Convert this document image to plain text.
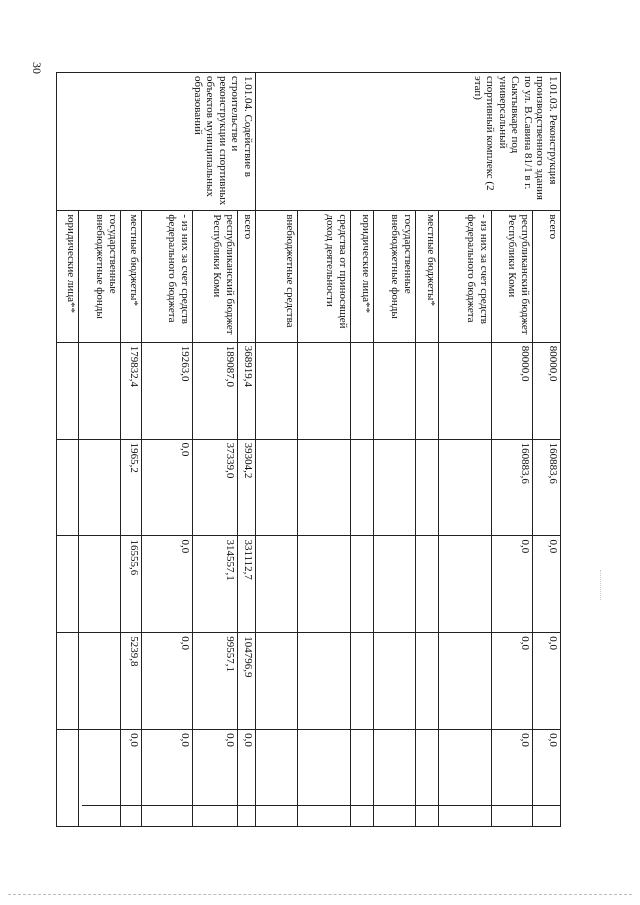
30
1.01.03. Реконструкция производственного здания по ул. В.Савина 81/1 в г. Сыктывкаре под универсальный спортивный комплекс (2 этап)	всего	80000,0	160883,6	0,0	0,0	0,0
	республиканский бюджет Республики Коми	80000,0	160883,6	0,0	0,0	0,0
	- из них за счет средств федерального бюджета					
	местные бюджеты*					
	государственные внебюджетные фонды					
	юридические лица**					
	средства от приносящей доход деятельности					
	внебюджетные средства					
1.01.04. Содействие в строительстве и реконструкции спортивных объектов муниципальных образований	всего	368919,4	39304,2	331112,7	104796,9	0,0
	республиканский бюджет Республики Коми	189087,0	37339,0	314557,1	99557,1	0,0
	- из них за счет средств федерального бюджета	19263,0	0,0	0,0	0,0	0,0
	местные бюджеты*	179832,4	1965,2	16555,6	5239,8	0,0
	государственные внебюджетные фонды					
	юридические лица**					
